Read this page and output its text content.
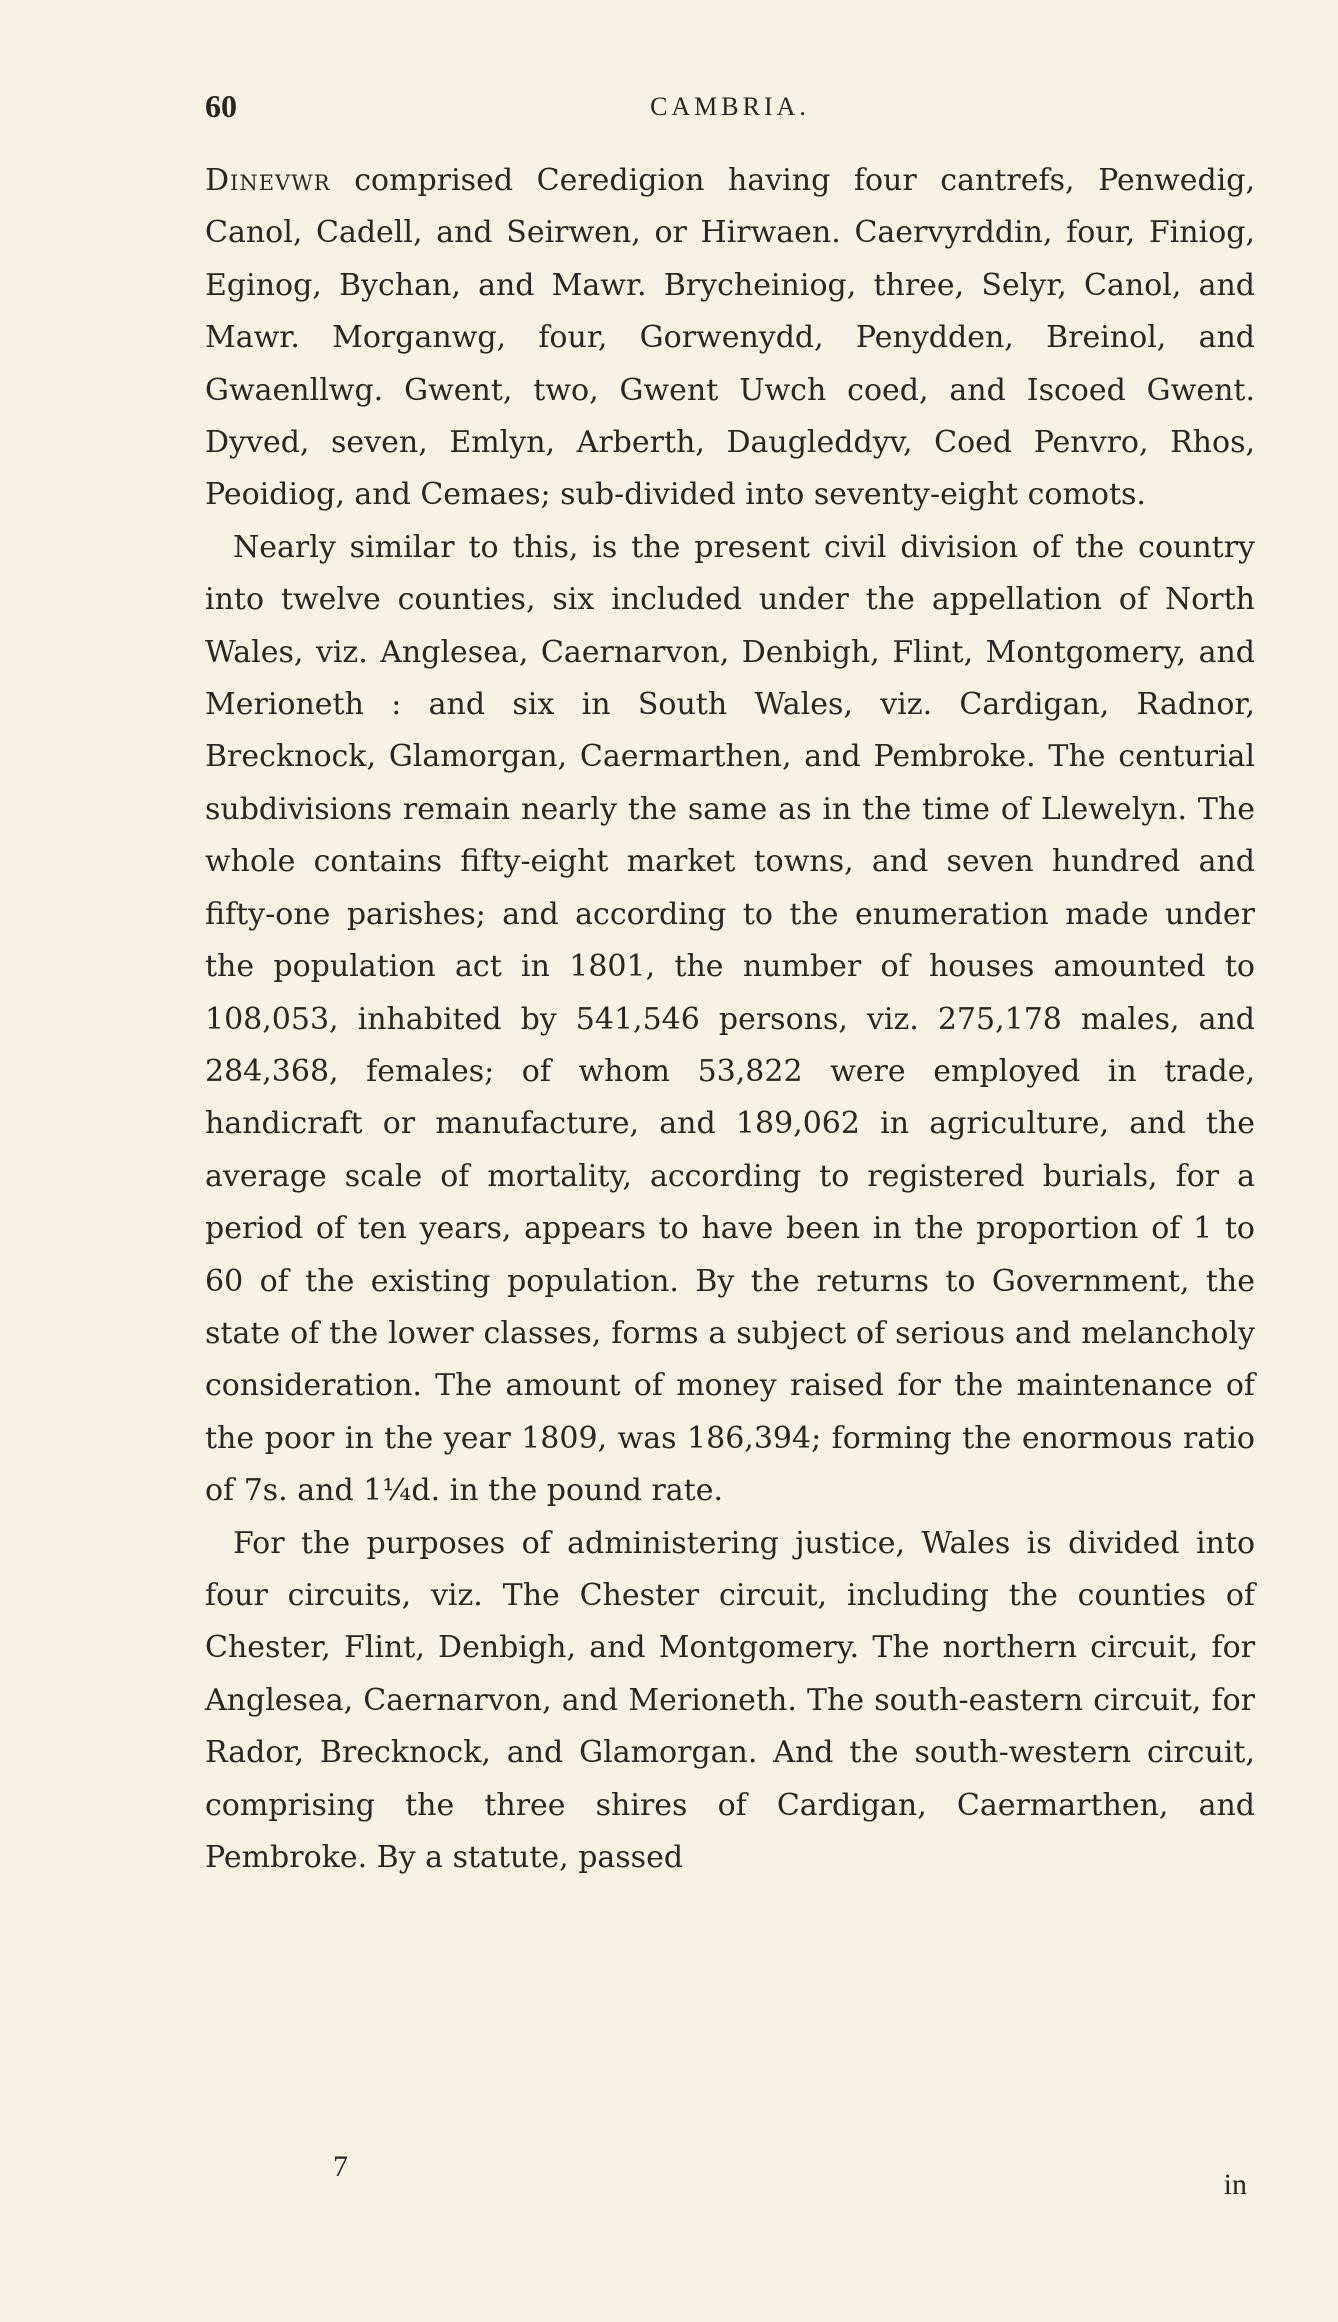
60	CAMBRIA.

Dinevwr comprised Ceredigion having four cantrefs, Penwedig, Canol, Cadell, and Seirwen, or Hirwaen. Caervyrddin, four, Finiog, Eginog, Bychan, and Mawr. Brycheiniog, three, Selyr, Canol, and Mawr. Morganwg, four, Gorwenydd, Penydden, Breinol, and Gwaenllwg. Gwent, two, Gwent Uwch coed, and Iscoed Gwent. Dyved, seven, Emlyn, Arberth, Daugleddyv, Coed Penvro, Rhos, Peoidiog, and Cemaes; sub-divided into seventy-eight comots.

Nearly similar to this, is the present civil division of the country into twelve counties, six included under the appellation of North Wales, viz. Anglesea, Caernarvon, Denbigh, Flint, Montgomery, and Merioneth : and six in South Wales, viz. Cardigan, Radnor, Brecknock, Glamorgan, Caermarthen, and Pembroke. The centurial subdivisions remain nearly the same as in the time of Llewelyn. The whole contains fifty-eight market towns, and seven hundred and fifty-one parishes; and according to the enumeration made under the population act in 1801, the number of houses amounted to 108,053, inhabited by 541,546 persons, viz. 275,178 males, and 284,368, females; of whom 53,822 were employed in trade, handicraft or manufacture, and 189,062 in agriculture, and the average scale of mortality, according to registered burials, for a period of ten years, appears to have been in the proportion of 1 to 60 of the existing population. By the returns to Government, the state of the lower classes, forms a subject of serious and melancholy consideration. The amount of money raised for the maintenance of the poor in the year 1809, was 186,394; forming the enormous ratio of 7s. and 1¼d. in the pound rate.

For the purposes of administering justice, Wales is divided into four circuits, viz. The Chester circuit, including the counties of Chester, Flint, Denbigh, and Montgomery. The northern circuit, for Anglesea, Caernarvon, and Merioneth. The south-eastern circuit, for Rador, Brecknock, and Glamorgan. And the south-western circuit, comprising the three shires of Cardigan, Caermarthen, and Pembroke. By a statute, passed

7
in
